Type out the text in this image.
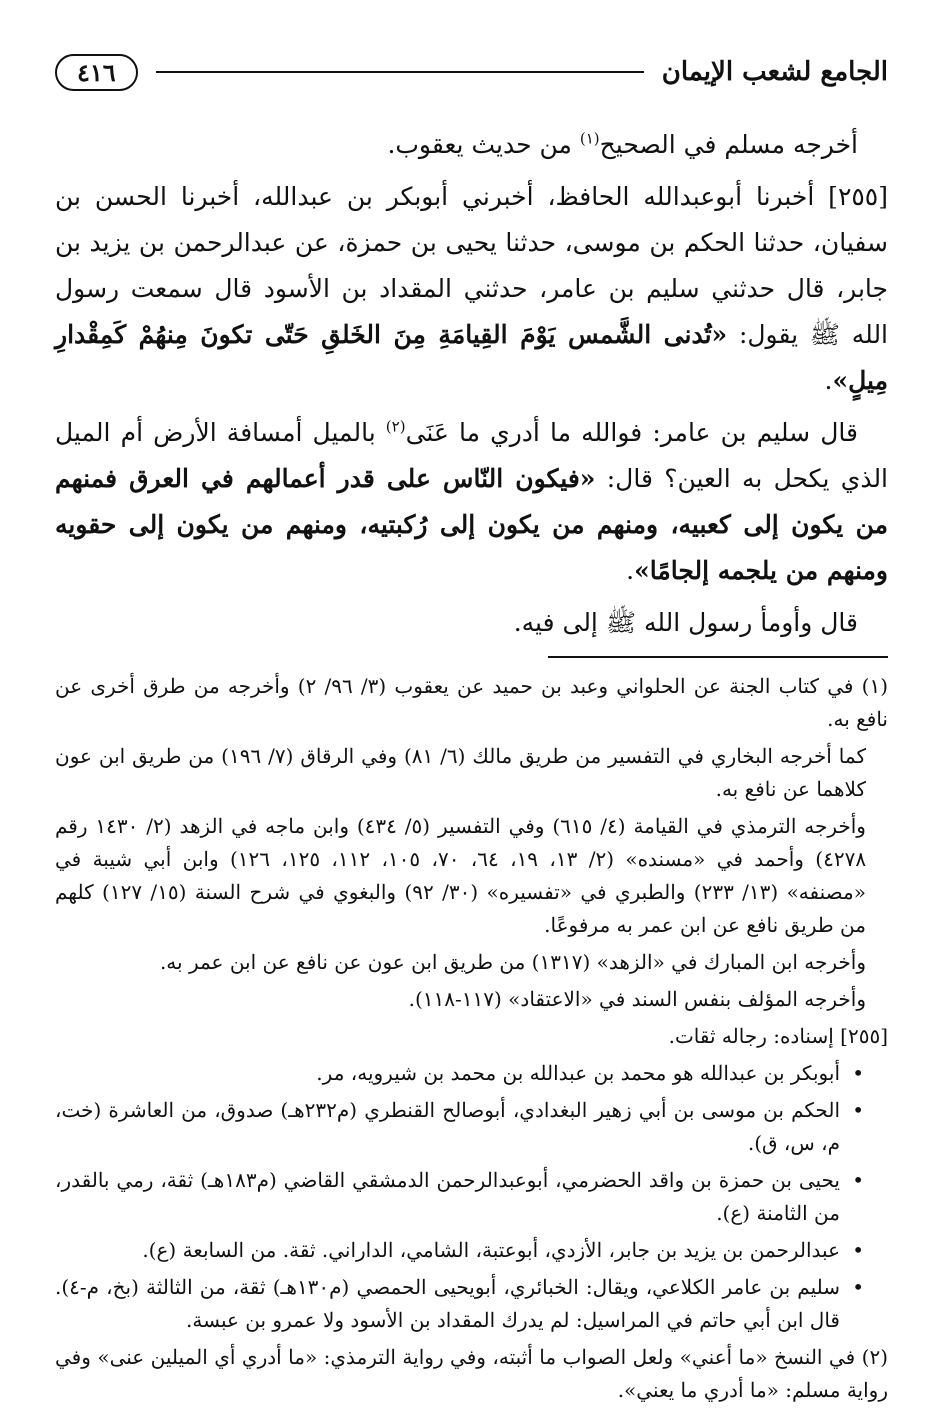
الجامع لشعب الإيمان
٤١٦

أخرجه مسلم في الصحيح$^{(١)}$ من حديث يعقوب.

[٢٥٥] أخبرنا أبوعبدالله الحافظ، أخبرني أبوبكر بن عبدالله، أخبرنا الحسن بن سفيان، حدثنا الحكم بن موسى، حدثنا يحيى بن حمزة، عن عبدالرحمن بن يزيد بن جابر، قال حدثني سليم بن عامر، حدثني المقداد بن الأسود قال سمعت رسول الله ﷺ يقول: «تُدنى الشَّمس يَوْمَ القِيامَةِ مِنَ الخَلقِ حَتّى تكونَ مِنهُمْ كَمِقْدارِ مِيلٍ».

قال سليم بن عامر: فوالله ما أدري ما عَنَى$^{(٢)}$ بالميل أمسافة الأرض أم الميل الذي يكحل به العين؟ قال: «فيكون النّاس على قدر أعمالهم في العرق فمنهم من يكون إلى كعبيه، ومنهم من يكون إلى رُكبتيه، ومنهم من يكون إلى حقويه ومنهم من يلجمه إلجامًا».

قال وأومأ رسول الله ﷺ إلى فيه.

(١) في كتاب الجنة عن الحلواني وعبد بن حميد عن يعقوب (٣/ ٩٦/ ٢) وأخرجه من طرق أخرى عن نافع به.

كما أخرجه البخاري في التفسير من طريق مالك (٦/ ٨١) وفي الرقاق (٧/ ١٩٦) من طريق ابن عون كلاهما عن نافع به.

وأخرجه الترمذي في القيامة (٤/ ٦١٥) وفي التفسير (٥/ ٤٣٤) وابن ماجه في الزهد (٢/ ١٤٣٠ رقم ٤٢٧٨) وأحمد في «مسنده» (٢/ ١٣، ١٩، ٦٤، ٧٠، ١٠٥، ١١٢، ١٢٥، ١٢٦) وابن أبي شيبة في «مصنفه» (١٣/ ٢٣٣) والطبري في «تفسيره» (٣٠/ ٩٢) والبغوي في شرح السنة (١٥/ ١٢٧) كلهم من طريق نافع عن ابن عمر به مرفوعًا.

وأخرجه ابن المبارك في «الزهد» (١٣١٧) من طريق ابن عون عن نافع عن ابن عمر به.

وأخرجه المؤلف بنفس السند في «الاعتقاد» (١١٧-١١٨).

[٢٥٥] إسناده: رجاله ثقات.

•
أبوبكر بن عبدالله هو محمد بن عبدالله بن محمد بن شيرويه، مر.
•
الحكم بن موسى بن أبي زهير البغدادي، أبوصالح القنطري (م٢٣٢هـ) صدوق، من العاشرة (خت، م، س، ق).
•
يحيى بن حمزة بن واقد الحضرمي، أبوعبدالرحمن الدمشقي القاضي (م١٨٣هـ) ثقة، رمي بالقدر، من الثامنة (ع).
•
عبدالرحمن بن يزيد بن جابر، الأزدي، أبوعتبة، الشامي، الداراني. ثقة. من السابعة (ع).
•
سليم بن عامر الكلاعي، ويقال: الخبائري، أبويحيى الحمصي (م١٣٠هـ) ثقة، من الثالثة (بخ، م-٤). قال ابن أبي حاتم في المراسيل: لم يدرك المقداد بن الأسود ولا عمرو بن عبسة.

(٢) في النسخ «ما أعني» ولعل الصواب ما أثبته، وفي رواية الترمذي: «ما أدري أي الميلين عنى» وفي رواية مسلم: «ما أدري ما يعني».
